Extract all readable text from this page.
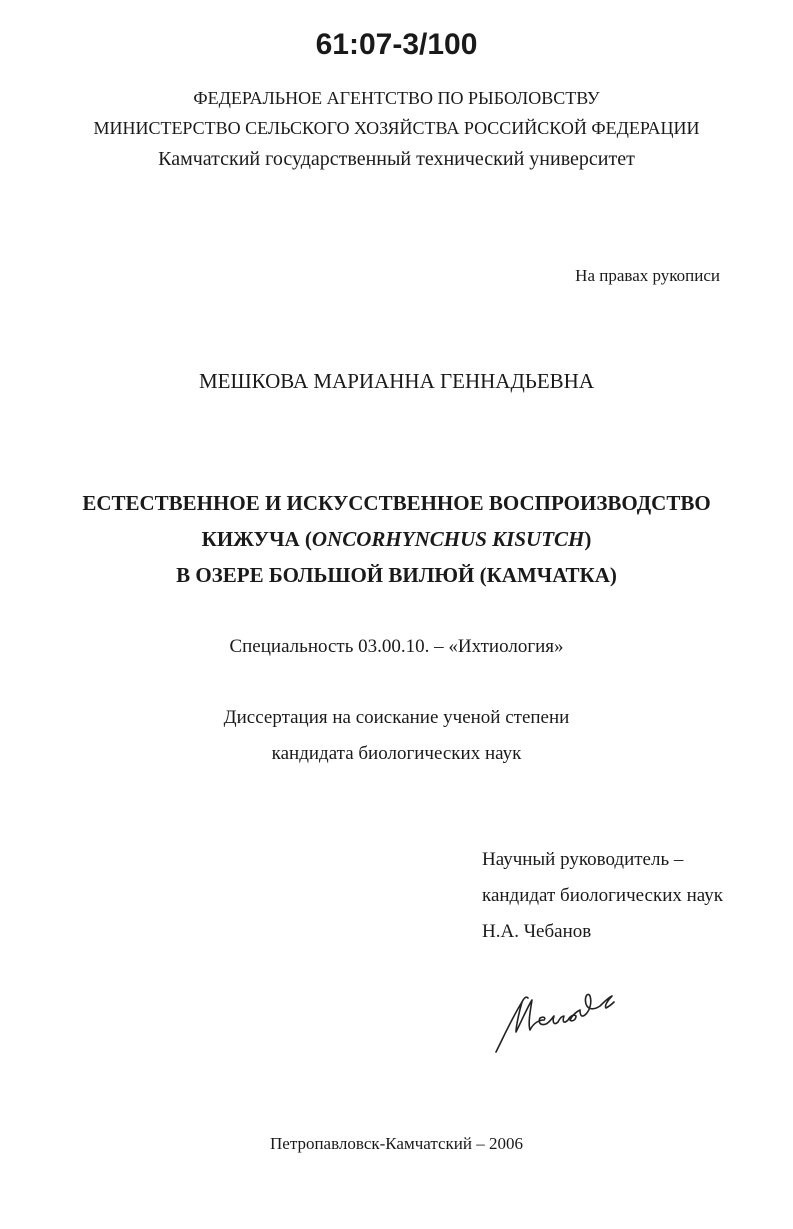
61:07-3/100
ФЕДЕРАЛЬНОЕ АГЕНТСТВО ПО РЫБОЛОВСТВУ
МИНИСТЕРСТВО СЕЛЬСКОГО ХОЗЯЙСТВА РОССИЙСКОЙ ФЕДЕРАЦИИ
Камчатский государственный технический университет
На правах рукописи
МЕШКОВА МАРИАННА ГЕННАДЬЕВНА
ЕСТЕСТВЕННОЕ И ИСКУССТВЕННОЕ ВОСПРОИЗВОДСТВО
КИЖУЧА (ONCORHYNCHUS KISUTCH)
В ОЗЕРЕ БОЛЬШОЙ ВИЛЮЙ (КАМЧАТКА)
Специальность 03.00.10. – «Ихтиология»
Диссертация на соискание ученой степени
кандидата биологических наук
Научный руководитель –
кандидат биологических наук
Н.А. Чебанов
Петропавловск-Камчатский – 2006
